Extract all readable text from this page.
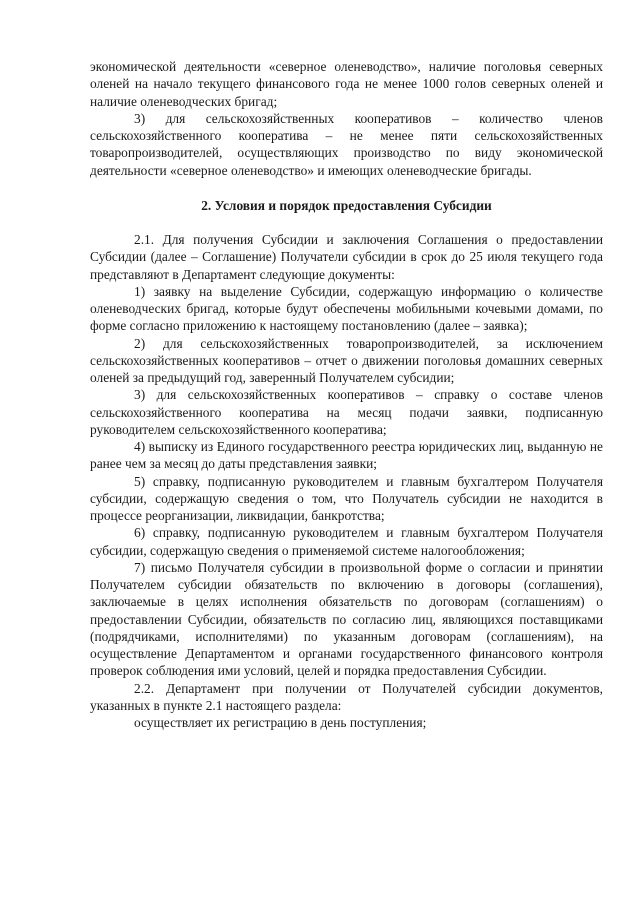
экономической деятельности «северное оленеводство», наличие поголовья северных оленей на начало текущего финансового года не менее 1000 голов северных оленей и наличие оленеводческих бригад;

3) для сельскохозяйственных кооперативов – количество членов сельскохозяйственного кооператива – не менее пяти сельскохозяйственных товаропроизводителей, осуществляющих производство по виду экономической деятельности «северное оленеводство» и имеющих оленеводческие бригады.

2. Условия и порядок предоставления Субсидии

2.1. Для получения Субсидии и заключения Соглашения о предоставлении Субсидии (далее – Соглашение) Получатели субсидии в срок до 25 июля текущего года представляют в Департамент следующие документы:

1) заявку на выделение Субсидии, содержащую информацию о количестве оленеводческих бригад, которые будут обеспечены мобильными кочевыми домами, по форме согласно приложению к настоящему постановлению (далее – заявка);

2) для сельскохозяйственных товаропроизводителей, за исключением сельскохозяйственных кооперативов – отчет о движении поголовья домашних северных оленей за предыдущий год, заверенный Получателем субсидии;

3) для сельскохозяйственных кооперативов – справку о составе членов сельскохозяйственного кооператива на месяц подачи заявки, подписанную руководителем сельскохозяйственного кооператива;

4) выписку из Единого государственного реестра юридических лиц, выданную не ранее чем за месяц до даты представления заявки;

5) справку, подписанную руководителем и главным бухгалтером Получателя субсидии, содержащую сведения о том, что Получатель субсидии не находится в процессе реорганизации, ликвидации, банкротства;

6) справку, подписанную руководителем и главным бухгалтером Получателя субсидии, содержащую сведения о применяемой системе налогообложения;

7) письмо Получателя субсидии в произвольной форме о согласии и принятии Получателем субсидии обязательств по включению в договоры (соглашения), заключаемые в целях исполнения обязательств по договорам (соглашениям) о предоставлении Субсидии, обязательств по согласию лиц, являющихся поставщиками (подрядчиками, исполнителями) по указанным договорам (соглашениям), на осуществление Департаментом и органами государственного финансового контроля проверок соблюдения ими условий, целей и порядка предоставления Субсидии.

2.2. Департамент при получении от Получателей субсидии документов, указанных в пункте 2.1 настоящего раздела:

осуществляет их регистрацию в день поступления;
